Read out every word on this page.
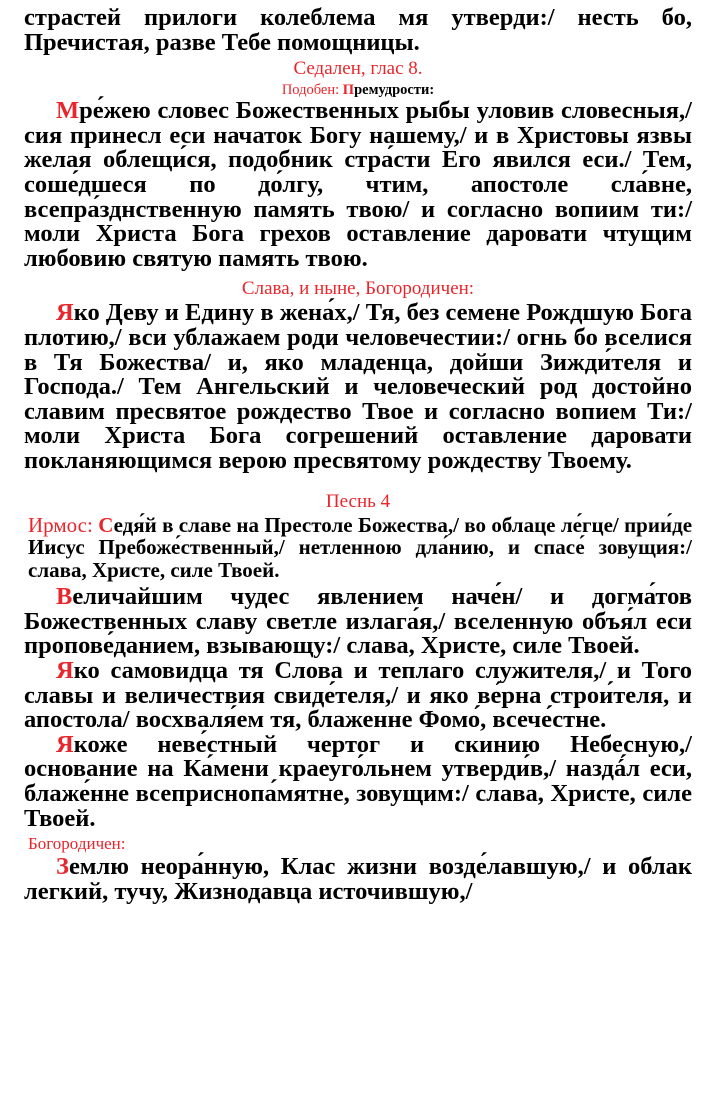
страстей прилоги колеблема мя утверди:/ несть бо, Пречистая, разве Тебе помощницы.

Седален, глас 8.

Подобен: Премудрости:

Мре́жею словес Божественных рыбы уловив словесныя,/ сия принесл еси начаток Богу нашему,/ и в Христовы язвы желая облещи́ся, подобник стра́сти Его явился еси./ Тем, соше́дшеся по до́лгу, чтим, апостоле сла́вне, всепра́зднственную память твою/ и согласно вопиим ти:/ моли Христа Бога грехов оставление даровати чтущим любовию святую память твою.

Слава, и ныне, Богородичен:

Яко Деву и Едину в жена́х,/ Тя, без семене Рождшую Бога плотию,/ вси ублажаем роди человечестии:/ огнь бо вселися в Тя Божества/ и, яко младенца, дойши Зижди́теля и Господа./ Тем Ангельский и человеческий род достойно славим пресвятое рождество Твое и согласно вопием Ти:/ моли Христа Бога согрешений оставление даровати покланяющимся верою пресвятому рождеству Твоему.

Песнь 4

Ирмос: Седя́й в славе на Престоле Божества,/ во облаце ле́гце/ прии́де Иисус Пребоже́ственный,/ нетленною дла́нию, и спасе́ зовущия:/ слава, Христе, силе Твоей.

Величайшим чудес явлением наче́н/ и догма́тов Божественных славу светле излага́я,/ вселенную объя́л еси пропове́данием, взывающу:/ слава, Христе, силе Твоей.

Яко самовидца тя Слова и теплаго служителя,/ и Того славы и величествия свиде́теля,/ и яко ве́рна строи́теля, и апостола/ восхваля́ем тя, блаженне Фомо́, всече́стне.

Якоже неве́стный чертог и скинию Небесную,/ основание на Ка́мени краеуго́льнем утверди́в,/ наздá́л еси, блаже́нне всеприснопа́мятне, зовущим:/ слава, Христе, силе Твоей.

Богородичен:

Землю неора́нную, Клас жизни возде́лавшую,/ и облак легкий, тучу, Жизнодавца источившую,/
